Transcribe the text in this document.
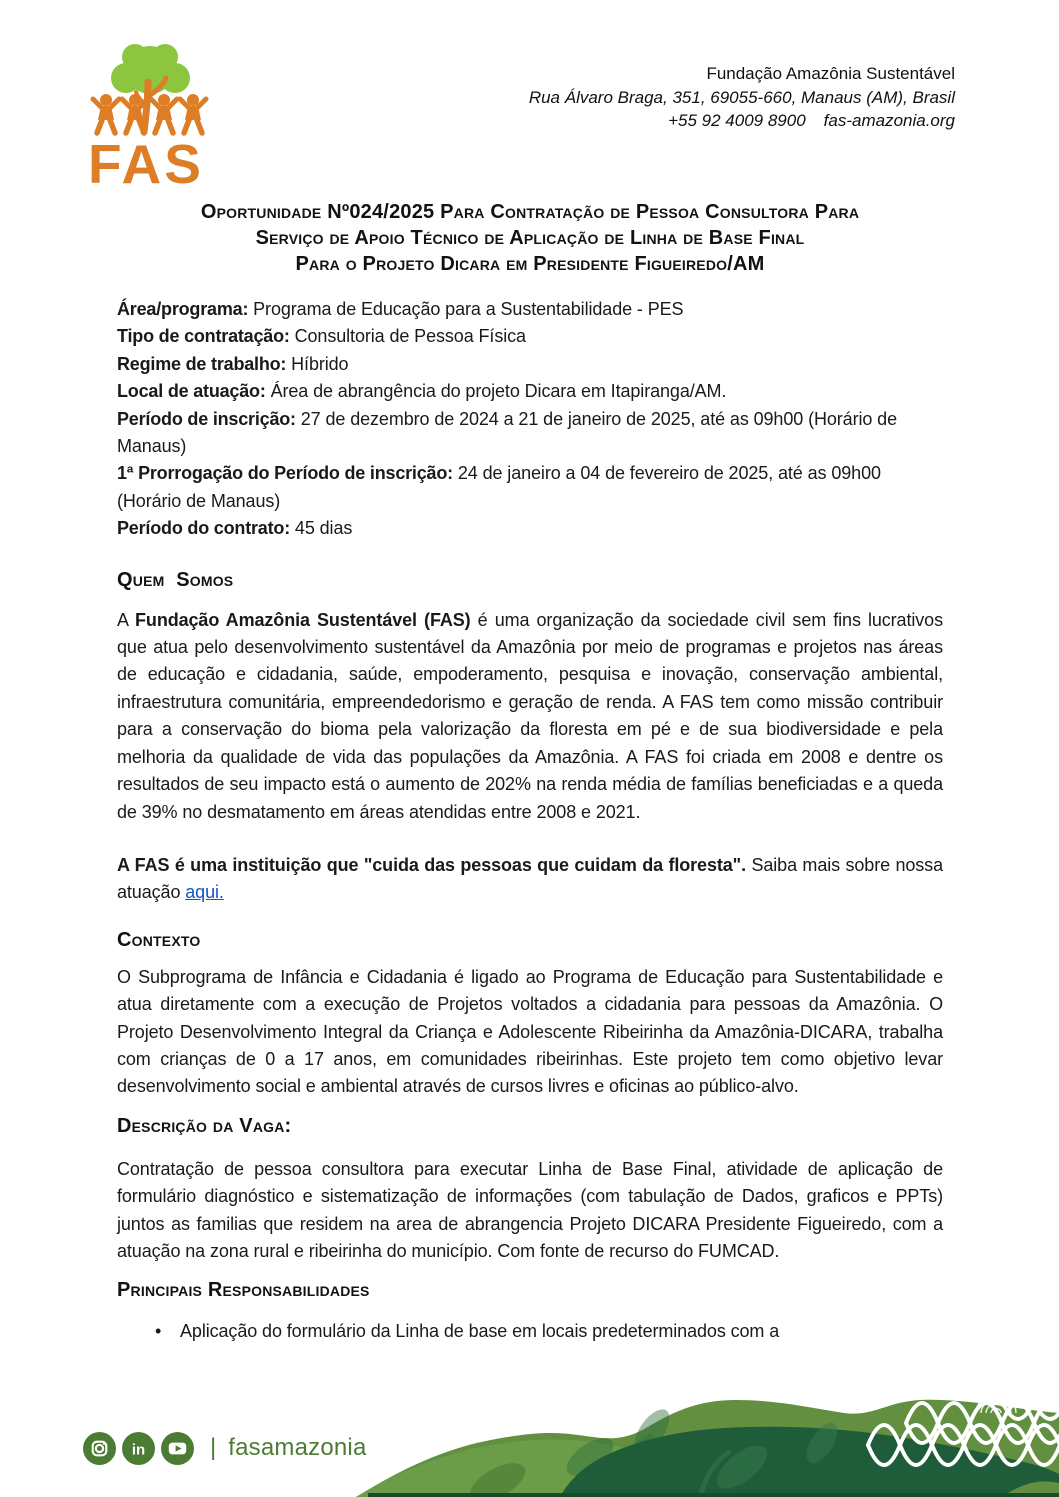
FAS
Fundação Amazônia Sustentável
Rua Álvaro Braga, 351, 69055-660, Manaus (AM), Brasil
+55 92 4009 8900 fas-amazonia.org
Oportunidade Nº024/2025 Para Contratação de Pessoa Consultora Para
Serviço de Apoio Técnico de Aplicação de Linha de Base Final
Para o Projeto Dicara em Presidente Figueiredo/AM
Área/programa: Programa de Educação para a Sustentabilidade - PES
Tipo de contratação: Consultoria de Pessoa Física
Regime de trabalho: Híbrido
Local de atuação: Área de abrangência do projeto Dicara em Itapiranga/AM.
Período de inscrição: 27 de dezembro de 2024 a 21 de janeiro de 2025, até as 09h00 (Horário de Manaus)
1ª Prorrogação do Período de inscrição: 24 de janeiro a 04 de fevereiro de 2025, até as 09h00 (Horário de Manaus)
Período do contrato: 45 dias
Quem Somos

A Fundação Amazônia Sustentável (FAS) é uma organização da sociedade civil sem fins lucrativos que atua pelo desenvolvimento sustentável da Amazônia por meio de programas e projetos nas áreas de educação e cidadania, saúde, empoderamento, pesquisa e inovação, conservação ambiental, infraestrutura comunitária, empreendedorismo e geração de renda. A FAS tem como missão contribuir para a conservação do bioma pela valorização da floresta em pé e de sua biodiversidade e pela melhoria da qualidade de vida das populações da Amazônia. A FAS foi criada em 2008 e dentre os resultados de seu impacto está o aumento de 202% na renda média de famílias beneficiadas e a queda de 39% no desmatamento em áreas atendidas entre 2008 e 2021.

A FAS é uma instituição que "cuida das pessoas que cuidam da floresta". Saiba mais sobre nossa atuação aqui.

Contexto

O Subprograma de Infância e Cidadania é ligado ao Programa de Educação para Sustentabilidade e atua diretamente com a execução de Projetos voltados a cidadania para pessoas da Amazônia. O Projeto Desenvolvimento Integral da Criança e Adolescente Ribeirinha da Amazônia-DICARA, trabalha com crianças de 0 a 17 anos, em comunidades ribeirinhas. Este projeto tem como objetivo levar desenvolvimento social e ambiental através de cursos livres e oficinas ao público-alvo.

Descrição da Vaga:

Contratação de pessoa consultora para executar Linha de Base Final, atividade de aplicação de formulário diagnóstico e sistematização de informações (com tabulação de Dados, graficos e PPTs) juntos as familias que residem na area de abrangencia Projeto DICARA Presidente Figueiredo, com a atuação na zona rural e ribeirinha do município. Com fonte de recurso do FUMCAD.

Principais Responsabilidades
• Aplicação do formulário da Linha de base em locais predeterminados com a
in	| fasamazonia
